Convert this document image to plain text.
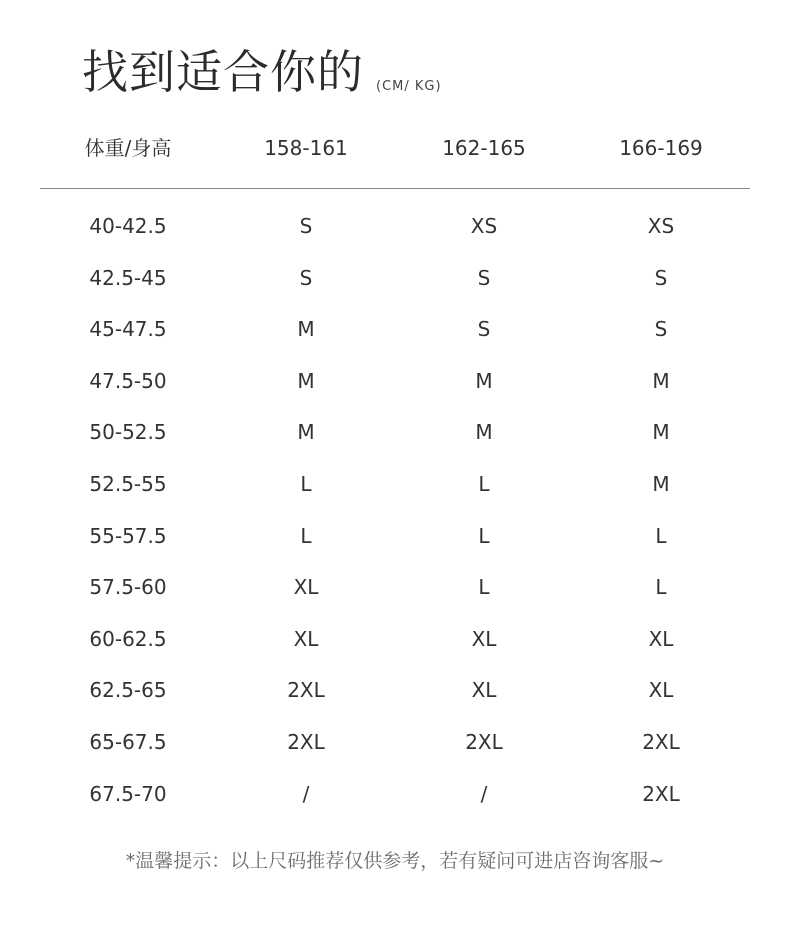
找到适合你的 (CM/ KG)
体重/身高	158-161	162-165	166-169
40-42.5	S	XS	XS
42.5-45	S	S	S
45-47.5	M	S	S
47.5-50	M	M	M
50-52.5	M	M	M
52.5-55	L	L	M
55-57.5	L	L	L
57.5-60	XL	L	L
60-62.5	XL	XL	XL
62.5-65	2XL	XL	XL
65-67.5	2XL	2XL	2XL
67.5-70	/	/	2XL
*温馨提示：以上尺码推荐仅供参考，若有疑问可进店咨询客服~
